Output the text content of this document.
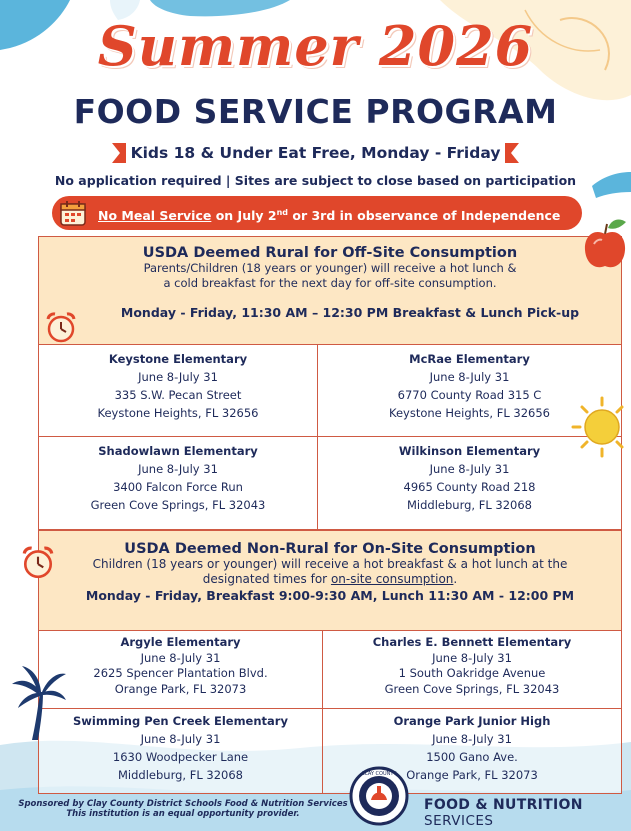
Summer 2026
FOOD SERVICE PROGRAM
Kids 18 & Under Eat Free, Monday - Friday
No application required | Sites are subject to close based on participation
No Meal Service on July 2nd or 3rd in observance of Independence
USDA Deemed Rural for Off-Site Consumption
Parents/Children (18 years or younger) will receive a hot lunch &
a cold breakfast for the next day for off-site consumption.
Monday - Friday, 11:30 AM – 12:30 PM Breakfast & Lunch Pick-up
Keystone Elementary
June 8-July 31
335 S.W. Pecan Street
Keystone Heights, FL 32656
McRae Elementary
June 8-July 31
6770 County Road 315 C
Keystone Heights, FL 32656
Shadowlawn Elementary
June 8-July 31
3400 Falcon Force Run
Green Cove Springs, FL 32043
Wilkinson Elementary
June 8-July 31
4965 County Road 218
Middleburg, FL 32068
USDA Deemed Non-Rural for On-Site Consumption
Children (18 years or younger) will receive a hot breakfast & a hot lunch at the
designated times for on-site consumption.
Monday - Friday, Breakfast 9:00-9:30 AM, Lunch 11:30 AM - 12:00 PM
Argyle Elementary
June 8-July 31
2625 Spencer Plantation Blvd.
Orange Park, FL 32073
Charles E. Bennett Elementary
June 8-July 31
1 South Oakridge Avenue
Green Cove Springs, FL 32043
Swimming Pen Creek Elementary
June 8-July 31
1630 Woodpecker Lane
Middleburg, FL 32068
Orange Park Junior High
June 8-July 31
1500 Gano Ave.
Orange Park, FL 32073
Sponsored by Clay County District Schools Food & Nutrition Services
This institution is an equal opportunity provider.
CLAY COUNTY
FOOD & NUTRITION
SERVICES
